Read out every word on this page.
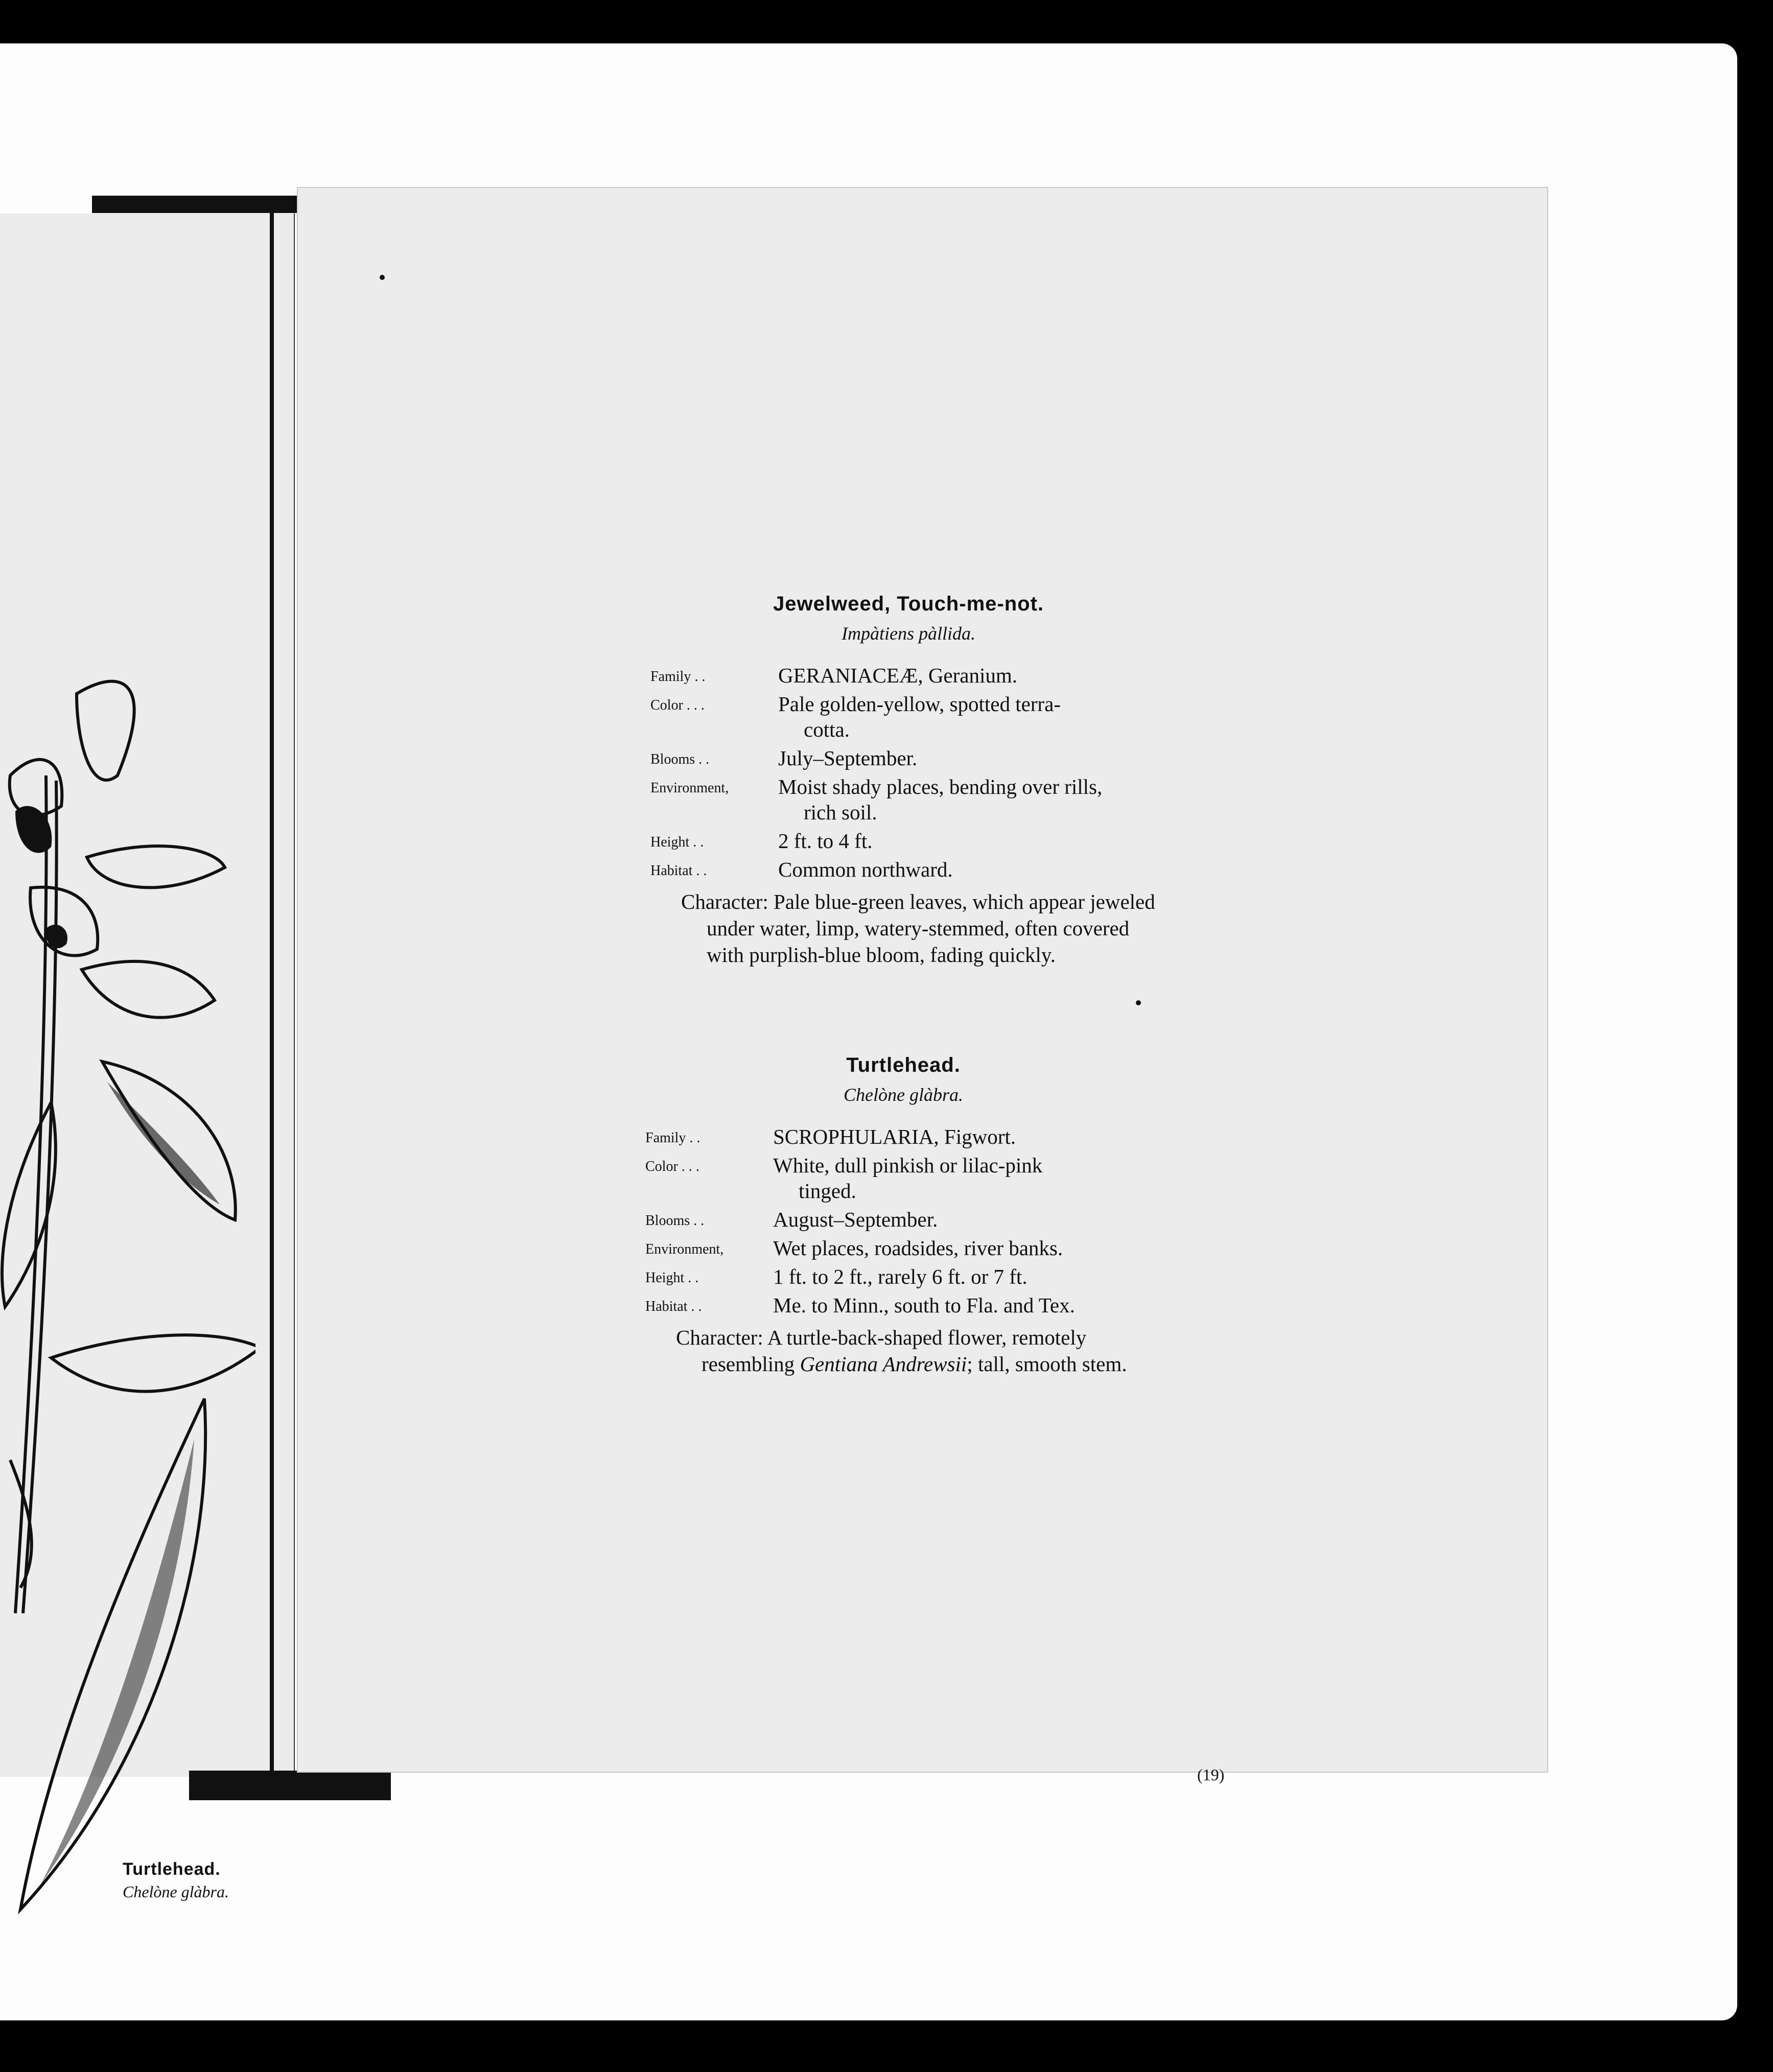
Turtlehead.
Chelòne glàbra.
Jewelweed, Touch-me-not.
Impàtiens pàllida.
Family . .	GERANIACEÆ, Geranium.
Color . . .	Pale golden-yellow, spotted terra-
cotta.
Blooms . .	July–September.
Environment,	Moist shady places, bending over rills,
rich soil.
Height . .	2 ft. to 4 ft.
Habitat . .	Common northward.
Character: Pale blue-green leaves, which appear jeweled under water, limp, watery-stemmed, often covered with purplish-blue bloom, fading quickly.
Turtlehead.
Chelòne glàbra.
Family . .	SCROPHULARIA, Figwort.
Color . . .	White, dull pinkish or lilac-pink
tinged.
Blooms . .	August–September.
Environment,	Wet places, roadsides, river banks.
Height . .	1 ft. to 2 ft., rarely 6 ft. or 7 ft.
Habitat . .	Me. to Minn., south to Fla. and Tex.
Character: A turtle-back-shaped flower, remotely resembling Gentiana Andrewsii; tall, smooth stem.
(19)
